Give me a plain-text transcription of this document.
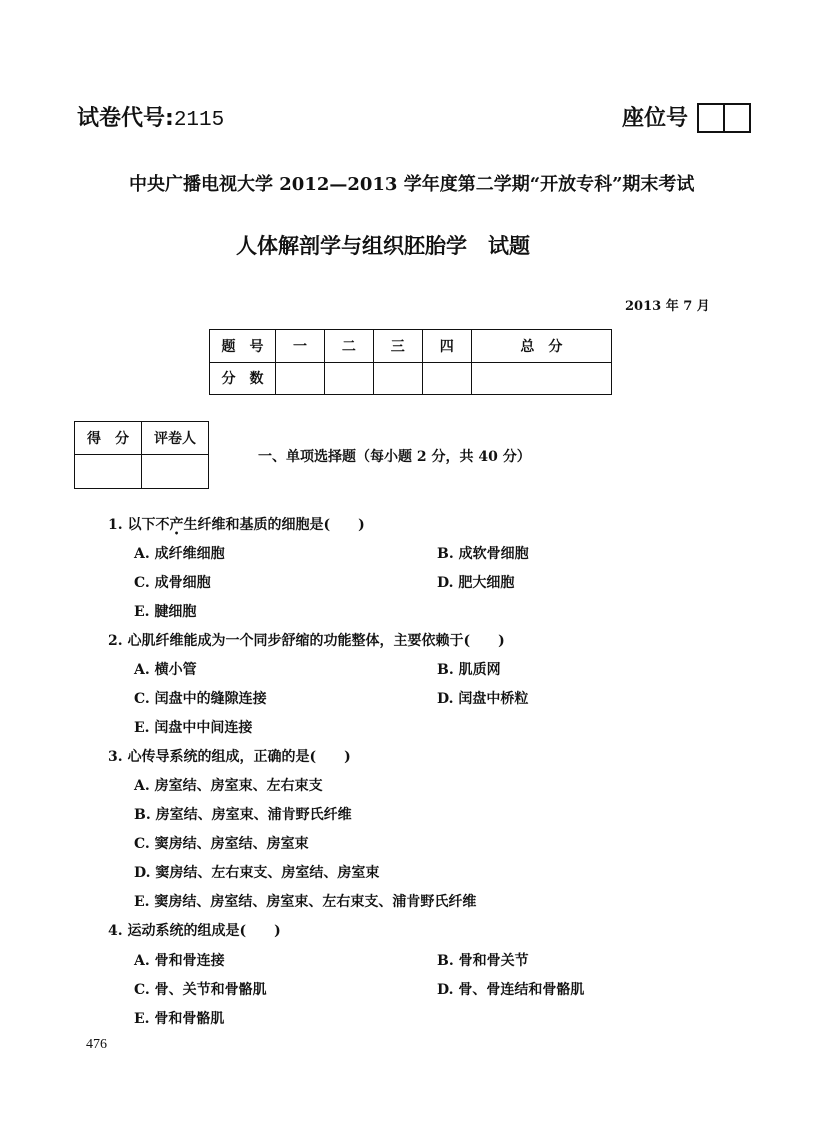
试卷代号:2115	座位号
中央广播电视大学 2012—2013 学年度第二学期“开放专科”期末考试
人体解剖学与组织胚胎学　试题
2013 年 7 月
题　号	一	二	三	四	总　分
分　数					
得　分	评卷人

一、单项选择题（每小题 2 分，共 40 分）
1. 以下不产生纤维和基质的细胞是(　　)
A. 成纤维细胞	B. 成软骨细胞
C. 成骨细胞	D. 肥大细胞
E. 腱细胞
2. 心肌纤维能成为一个同步舒缩的功能整体，主要依赖于(　　)
A. 横小管	B. 肌质网
C. 闰盘中的缝隙连接	D. 闰盘中桥粒
E. 闰盘中中间连接
3. 心传导系统的组成，正确的是(　　)
A. 房室结、房室束、左右束支
B. 房室结、房室束、浦肯野氏纤维
C. 窦房结、房室结、房室束
D. 窦房结、左右束支、房室结、房室束
E. 窦房结、房室结、房室束、左右束支、浦肯野氏纤维
4. 运动系统的组成是(　　)
A. 骨和骨连接	B. 骨和骨关节
C. 骨、关节和骨骼肌	D. 骨、骨连结和骨骼肌
E. 骨和骨骼肌
476
